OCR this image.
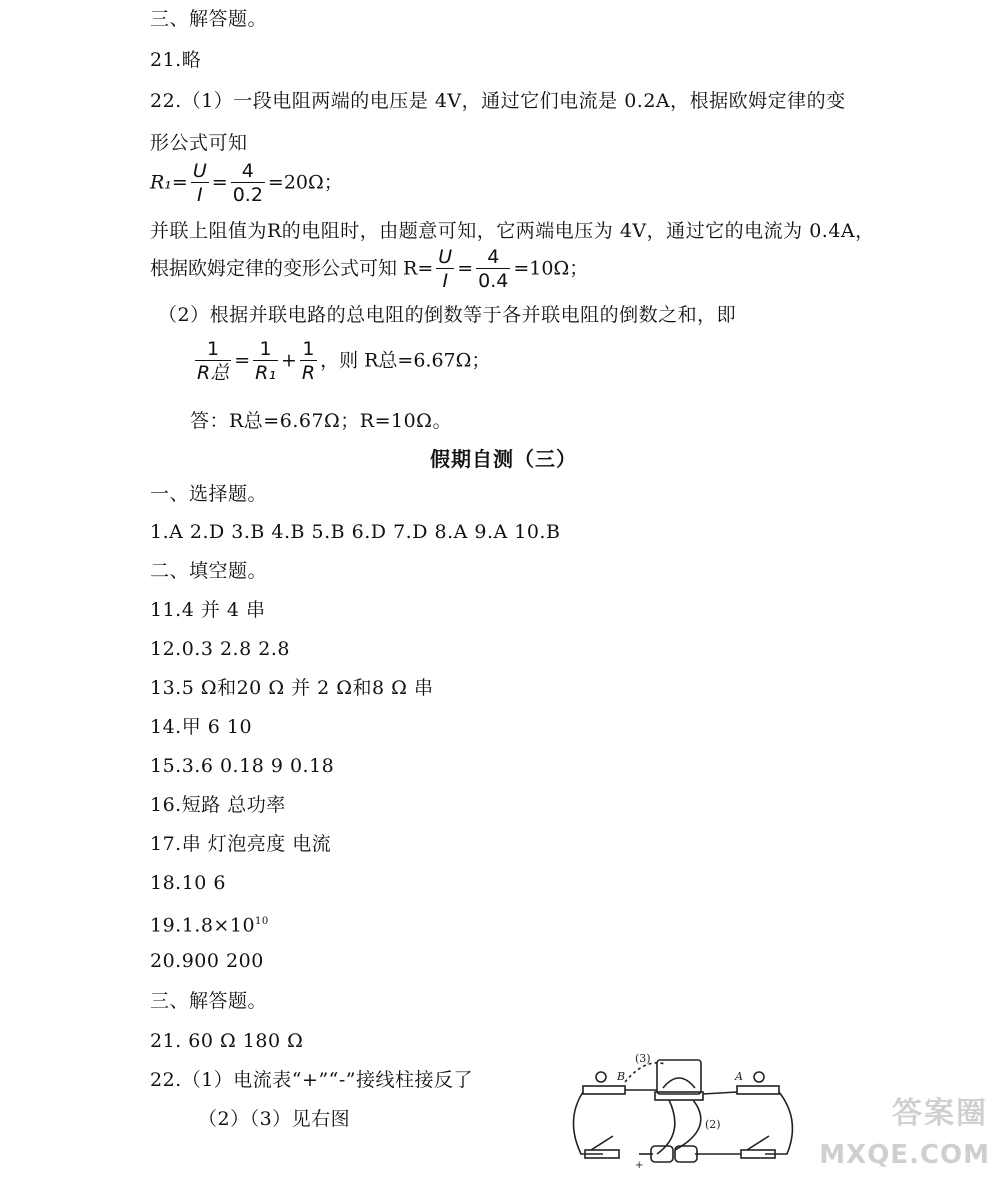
三、解答题。
21.略
22.（1）一段电阻两端的电压是 4V，通过它们电流是 0.2A，根据欧姆定律的变
形公式可知
$R_1= \frac{U}{I} = \frac{4}{0.2} =20\Omega$；
并联上阻值为R的电阻时，由题意可知，它两端电压为 4V，通过它的电流为 0.4A，
根据欧姆定律的变形公式可知 $R= \frac{U}{I} = \frac{4}{0.4} =10\Omega$；
（2）根据并联电路的总电阻的倒数等于各并联电阻的倒数之和，即
$\frac{1}{\text{R总}} = \frac{1}{\text{R₁}} + \frac{1}{R}$ ，则 R总=6.67Ω；
答：R总=6.67Ω；R=10Ω。
假期自测（三）
一、选择题。
1.A 2.D 3.B 4.B 5.B 6.D 7.D 8.A 9.A 10.B
二、填空题。
11.4 并 4 串
12.0.3 2.8 2.8
13.5 Ω和20 Ω 并 2 Ω和8 Ω 串
14.甲 6 10
15.3.6 0.18 9 0.18
16.短路 总功率
17.串 灯泡亮度 电流
18.10 6
$19.1.8\times 10^{10}$
20.900 200
三、解答题。
21. 60 Ω 180 Ω
22.（1）电流表“+”“-”接线柱接反了
（2）（3）见右图
(3)
(2)
B	A
+
答案圈
MXQE.COM
